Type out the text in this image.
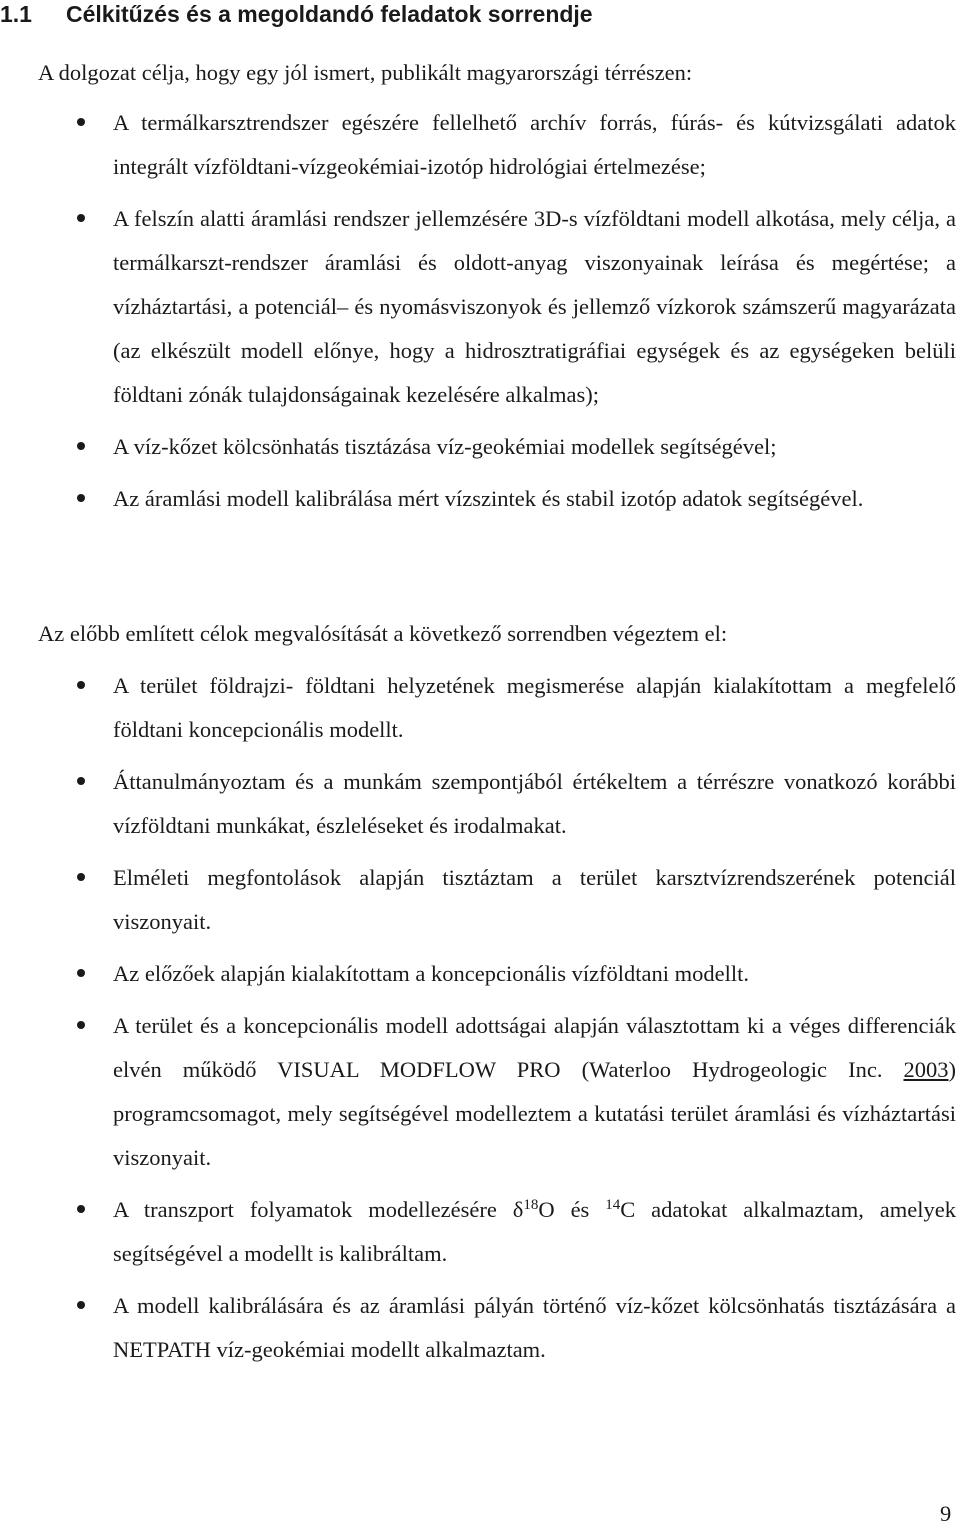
1.1 Célkitűzés és a megoldandó feladatok sorrendje
A dolgozat célja, hogy egy jól ismert, publikált magyarországi térrészen:
A termálkarsztrendszer egészére fellelhető archív forrás, fúrás- és kútvizsgálati adatok integrált vízföldtani-vízgeokémiai-izotóp hidrológiai értelmezése;
A felszín alatti áramlási rendszer jellemzésére 3D-s vízföldtani modell alkotása, mely célja, a termálkarszt-rendszer áramlási és oldott-anyag viszonyainak leírása és megértése; a vízháztartási, a potenciál– és nyomásviszonyok és jellemző vízkorok számszerű magyarázata (az elkészült modell előnye, hogy a hidrosztratigráfiai egységek és az egységeken belüli földtani zónák tulajdonságainak kezelésére alkalmas);
A víz-kőzet kölcsönhatás tisztázása víz-geokémiai modellek segítségével;
Az áramlási modell kalibrálása mért vízszintek és stabil izotóp adatok segítségével.
Az előbb említett célok megvalósítását a következő sorrendben végeztem el:
A terület földrajzi- földtani helyzetének megismerése alapján kialakítottam a megfelelő földtani koncepcionális modellt.
Áttanulmányoztam és a munkám szempontjából értékeltem a térrészre vonatkozó korábbi vízföldtani munkákat, észleléseket és irodalmakat.
Elméleti megfontolások alapján tisztáztam a terület karsztvízrendszerének potenciál viszonyait.
Az előzőek alapján kialakítottam a koncepcionális vízföldtani modellt.
A terület és a koncepcionális modell adottságai alapján választottam ki a véges differenciák elvén működő VISUAL MODFLOW PRO (Waterloo Hydrogeologic Inc. 2003) programcsomagot, mely segítségével modelleztem a kutatási terület áramlási és vízháztartási viszonyait.
A transzport folyamatok modellezésére $\delta^{18}O$ és $^{14}$C adatokat alkalmaztam, amelyek segítségével a modellt is kalibráltam.
A modell kalibrálására és az áramlási pályán történő víz-kőzet kölcsönhatás tisztázására a NETPATH víz-geokémiai modellt alkalmaztam.
9
